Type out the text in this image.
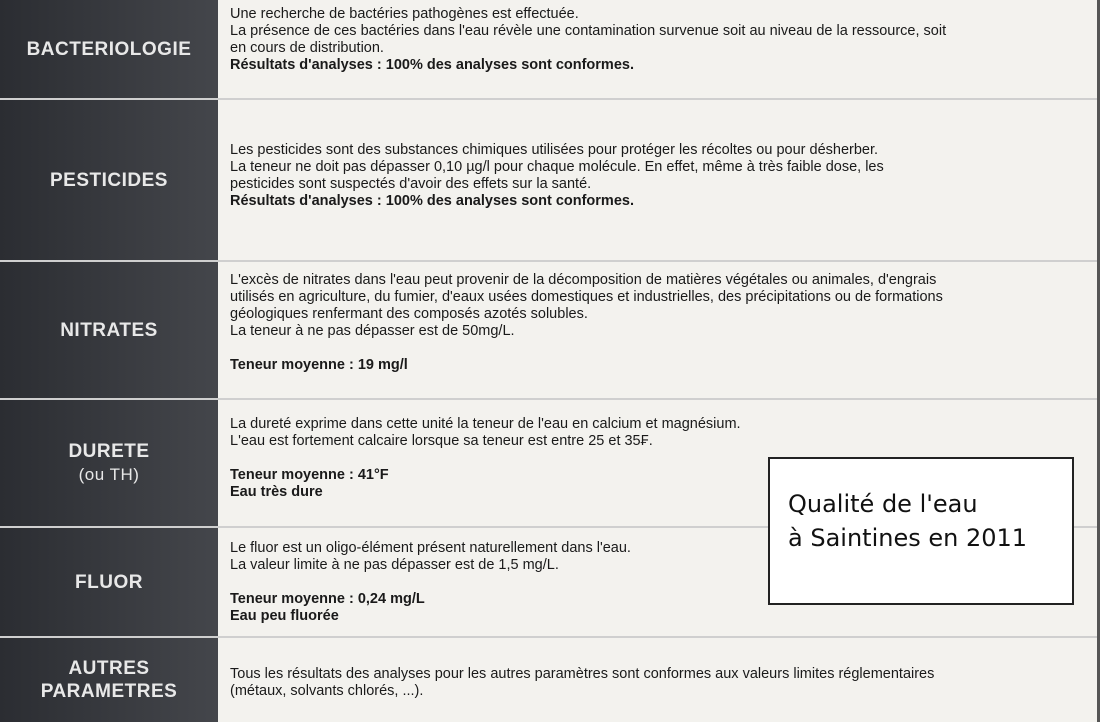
BACTERIOLOGIE

Une recherche de bactéries pathogènes est effectuée.

La présence de ces bactéries dans l'eau révèle une contamination survenue soit au niveau de la ressource, soit

en cours de distribution.

Résultats d'analyses : 100% des analyses sont conformes.

PESTICIDES

Les pesticides sont des substances chimiques utilisées pour protéger les récoltes ou pour désherber.

La teneur ne doit pas dépasser 0,10 µg/l pour chaque molécule. En effet, même à très faible dose, les

pesticides sont suspectés d'avoir des effets sur la santé.

Résultats d'analyses : 100% des analyses sont conformes.

NITRATES

L'excès de nitrates dans l'eau peut provenir de la décomposition de matières végétales ou animales, d'engrais

utilisés en agriculture, du fumier, d'eaux usées domestiques et industrielles, des précipitations ou de formations

géologiques renfermant des composés azotés solubles.

La teneur à ne pas dépasser est de 50mg/L.

Teneur moyenne : 19 mg/l

DURETE
(ou TH)

La dureté exprime dans cette unité la teneur de l'eau en calcium et magnésium.

L'eau est fortement calcaire lorsque sa teneur est entre 25 et 35₣.

Teneur moyenne : 41°F

Eau très dure

FLUOR

Le fluor est un oligo-élément présent naturellement dans l'eau.

La valeur limite à ne pas dépasser est de 1,5 mg/L.

Teneur moyenne : 0,24 mg/L

Eau peu fluorée

AUTRES
PARAMETRES

Tous les résultats des analyses pour les autres paramètres sont conformes aux valeurs limites réglementaires

(métaux, solvants chlorés, ...).

Qualité de l'eau
à Saintines en 2011
